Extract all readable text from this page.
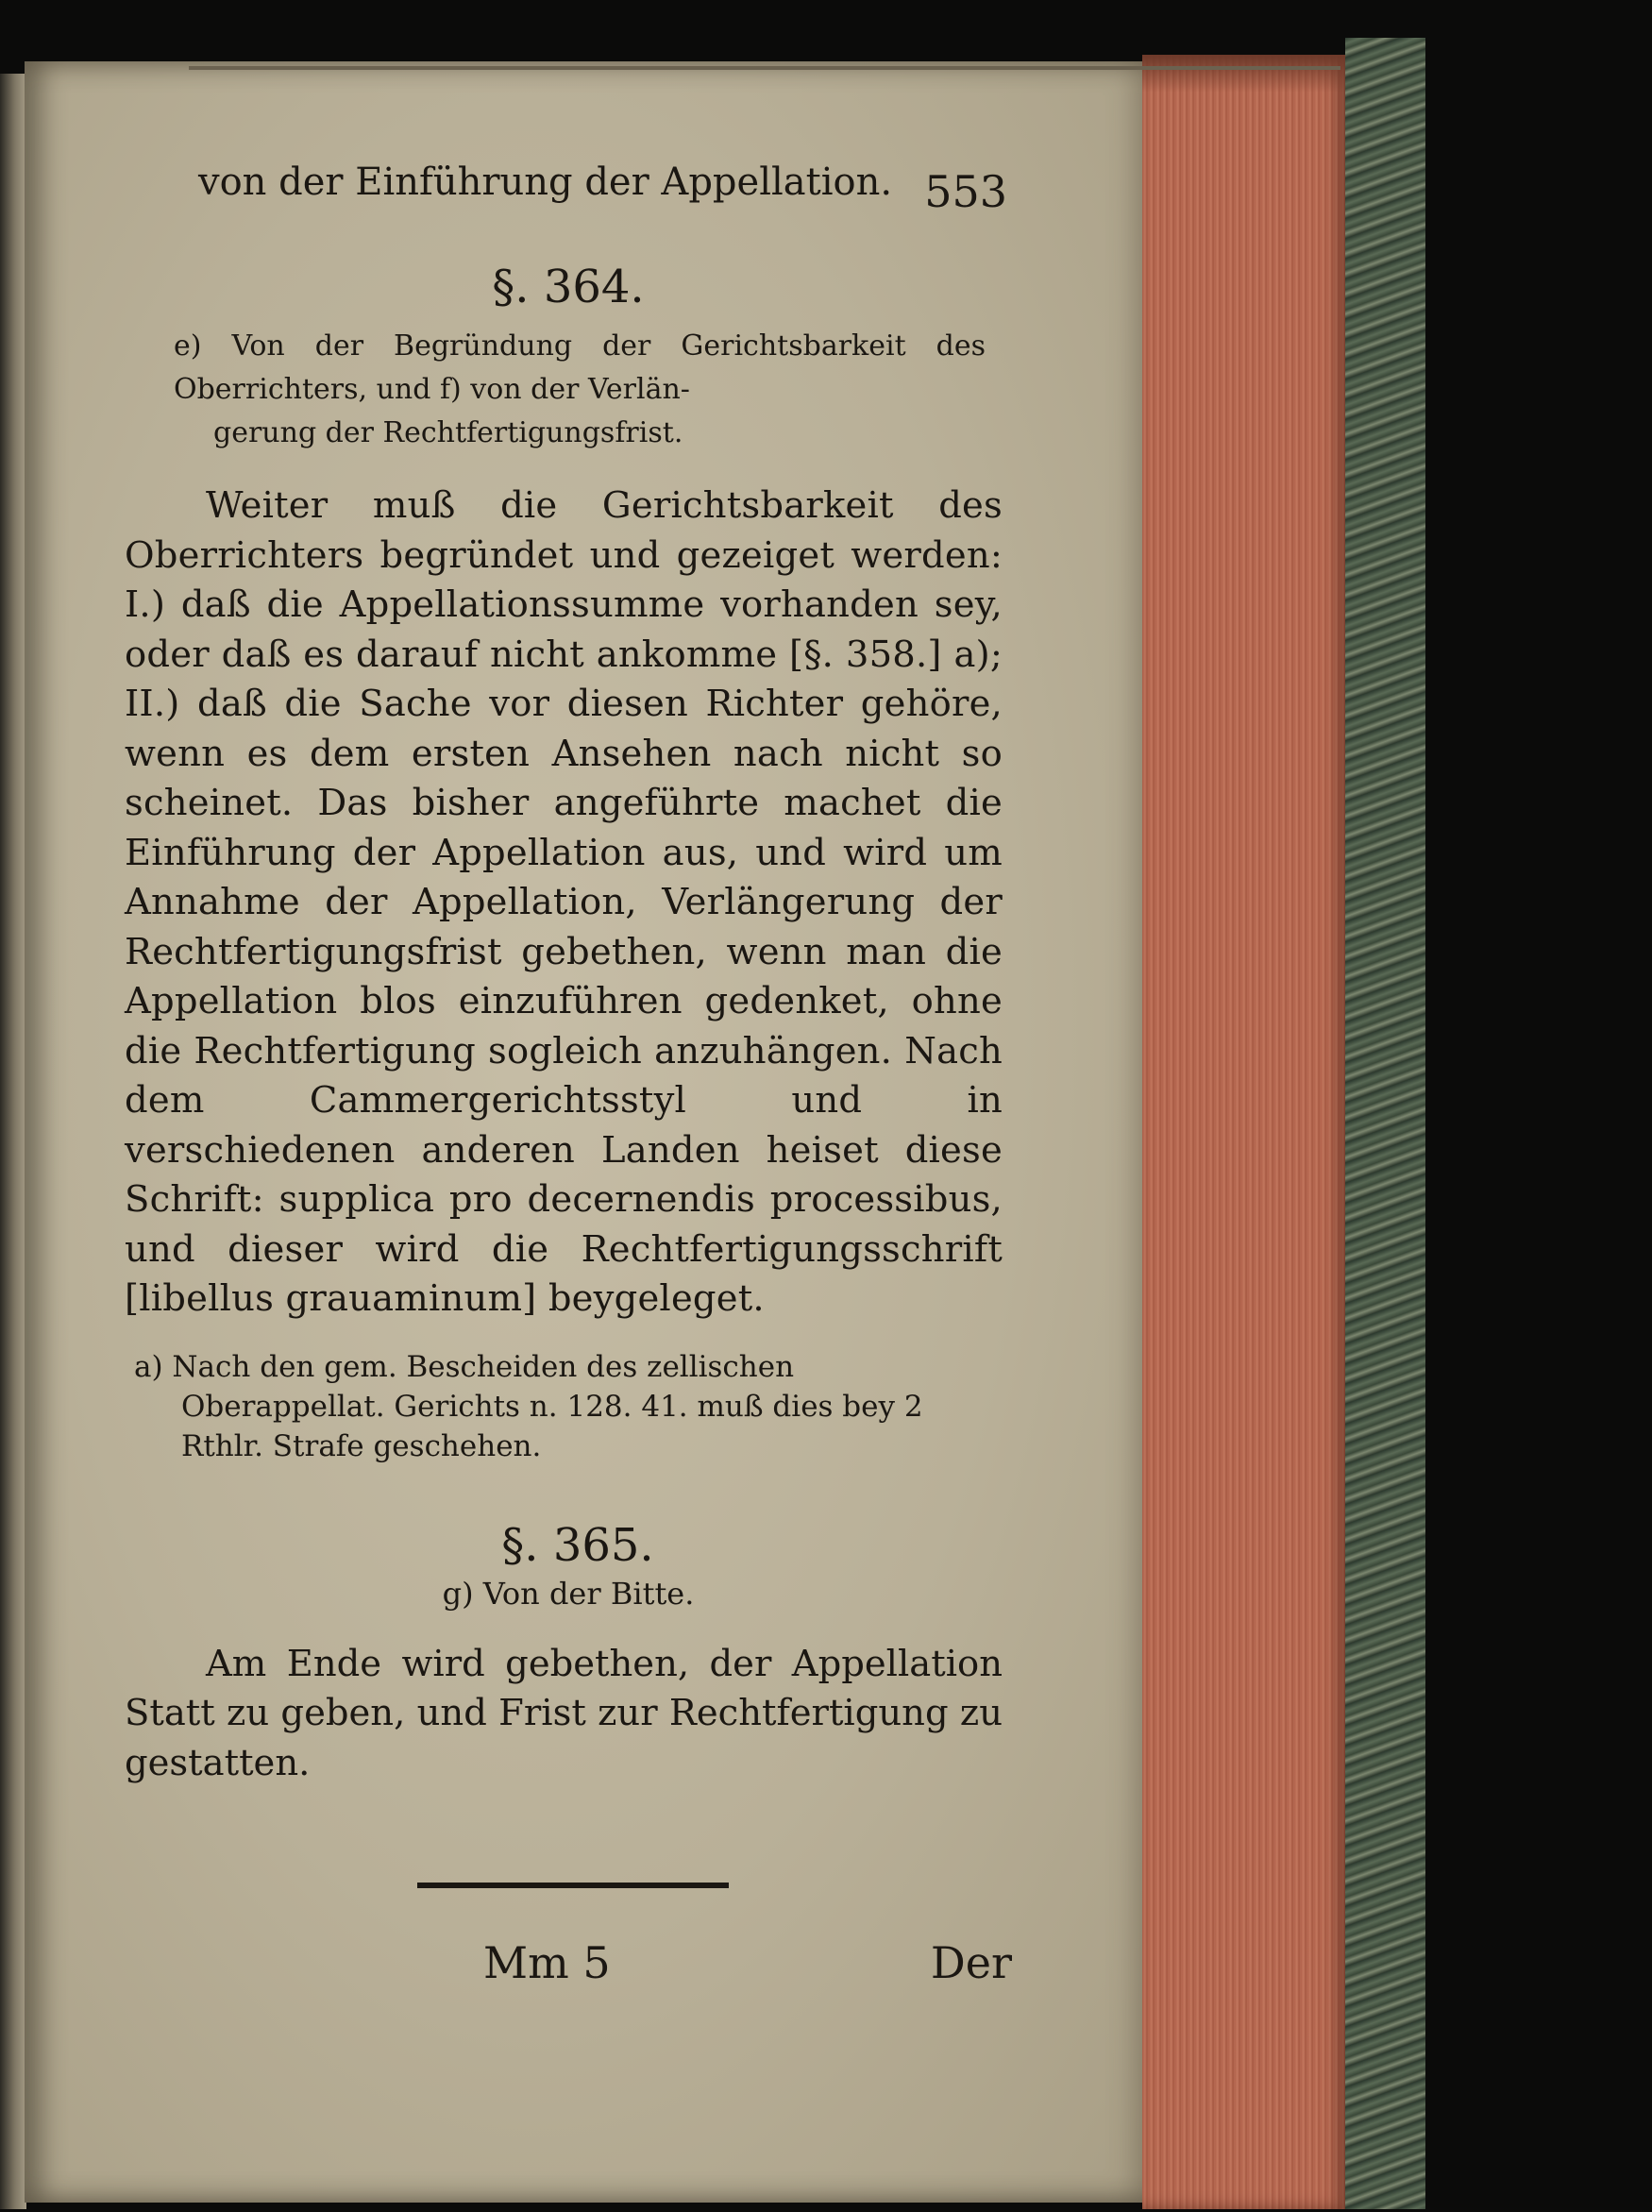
von der Einführung der Appellation. 553
§. 364.
e) Von der Begründung der Gerichtsbarkeit des Oberrichters, und f) von der Verlän-
gerung der Rechtfertigungsfrist.
Weiter muß die Gerichtsbarkeit des Oberrichters begründet und gezeiget werden: I.) daß die Appellationssumme vorhanden sey, oder daß es darauf nicht ankomme [§. 358.] a); II.) daß die Sache vor diesen Richter gehöre, wenn es dem ersten Ansehen nach nicht so scheinet. Das bisher angeführte machet die Einführung der Appellation aus, und wird um Annahme der Appellation, Verlängerung der Rechtfertigungsfrist gebethen, wenn man die Appellation blos einzuführen gedenket, ohne die Rechtfertigung sogleich anzuhängen. Nach dem Cammergerichtsstyl und in verschiedenen anderen Landen heiset diese Schrift: supplica pro decernendis processibus, und dieser wird die Rechtfertigungsschrift [libellus grauaminum] beygeleget.
a) Nach den gem. Bescheiden des zellischen Oberappellat. Gerichts n. 128. 41. muß dies bey 2 Rthlr. Strafe geschehen.
§. 365.
g) Von der Bitte.
Am Ende wird gebethen, der Appellation Statt zu geben, und Frist zur Rechtfertigung zu gestatten.
Mm 5	Der
